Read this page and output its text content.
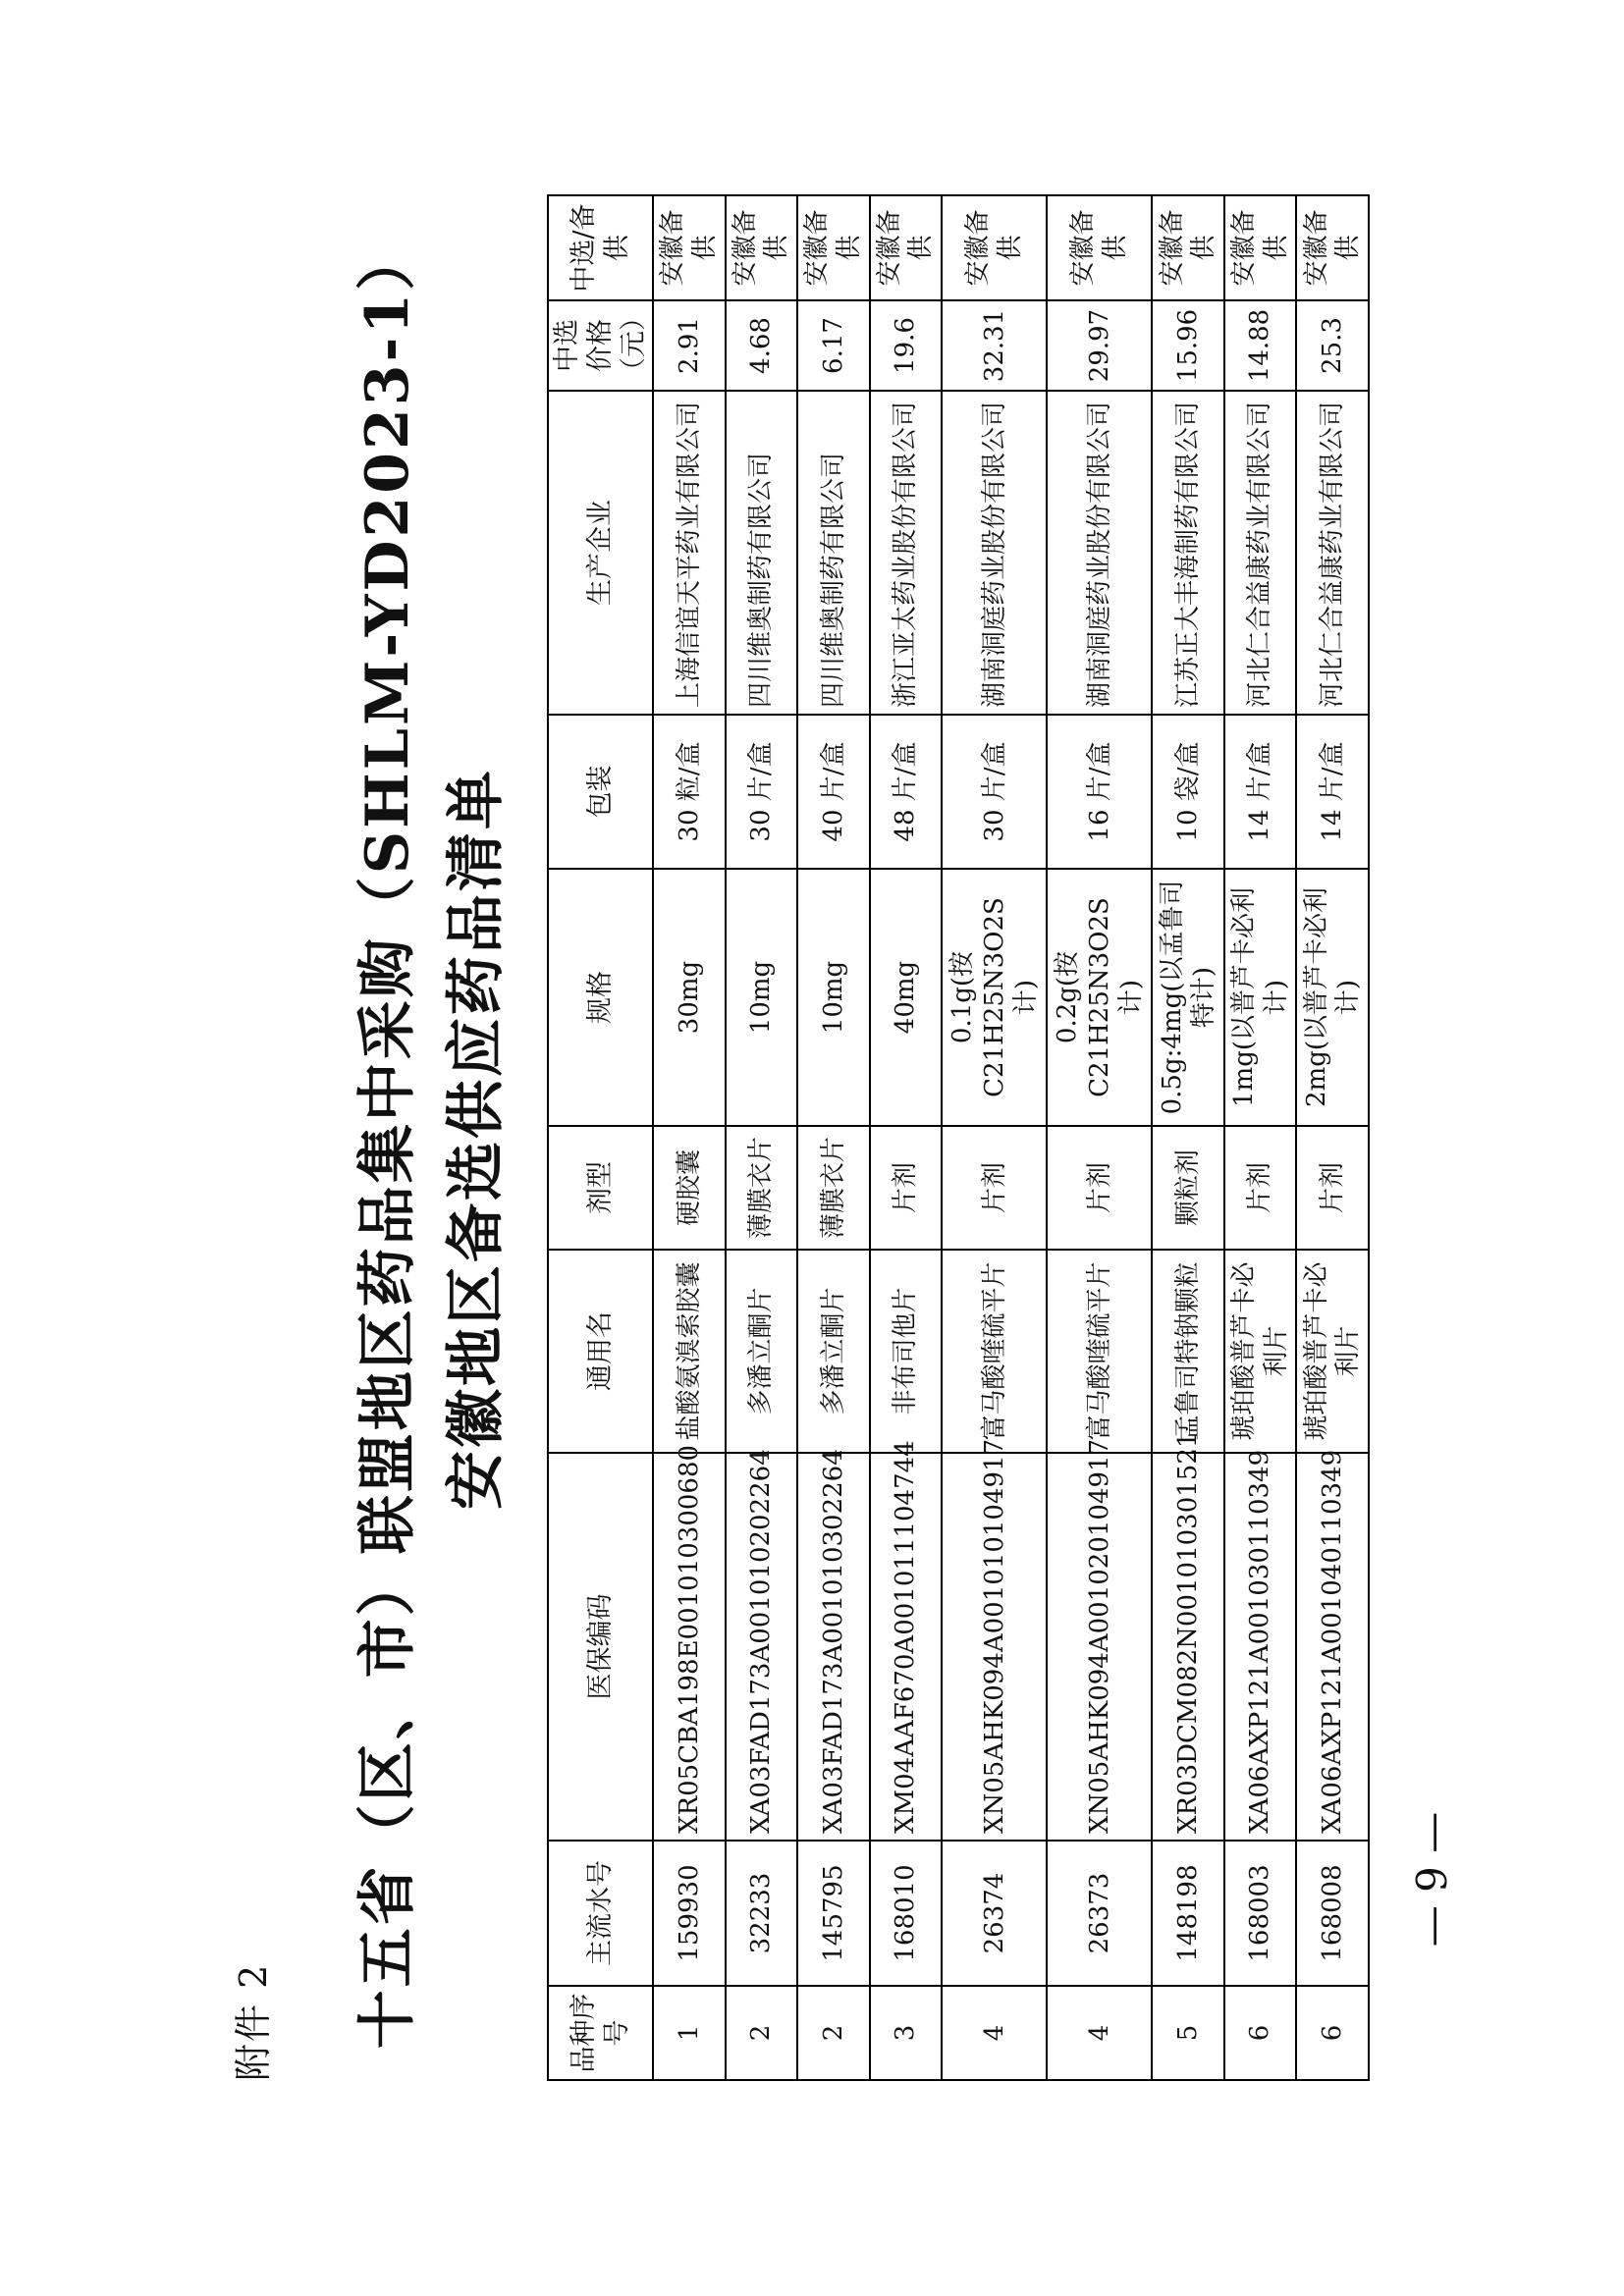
附件 2 十五省（区、市）联盟地区药品集中采购（SHLM-YD2023-1） 安徽地区备选供应药品清单
品种序号	主流水号	医保编码	通用名	剂型	规格	包装	生产企业	中选价格（元）	中选/备供
1	159930	XR05CBA198E001010300680	盐酸氨溴索胶囊	硬胶囊	30mg	30 粒/盒	上海信谊天平药业有限公司	2.91	安徽备供
2	32233	XA03FAD173A001010202264	多潘立酮片	薄膜衣片	10mg	30 片/盒	四川维奥制药有限公司	4.68	安徽备供
2	145795	XA03FAD173A001010302264	多潘立酮片	薄膜衣片	10mg	40 片/盒	四川维奥制药有限公司	6.17	安徽备供
3	168010	XM04AAF670A001011104744	非布司他片	片剂	40mg	48 片/盒	浙江亚太药业股份有限公司	19.6	安徽备供
4	26374	XN05AHK094A001010104917	富马酸喹硫平片	片剂	0.1g(按 C21H25N3O2S 计)	30 片/盒	湖南洞庭药业股份有限公司	32.31	安徽备供
4	26373	XN05AHK094A001020104917	富马酸喹硫平片	片剂	0.2g(按 C21H25N3O2S 计)	16 片/盒	湖南洞庭药业股份有限公司	29.97	安徽备供
5	148198	XR03DCM082N001010301521	孟鲁司特钠颗粒	颗粒剂	0.5g:4mg(以孟鲁司特计)	10 袋/盒	江苏正大丰海制药有限公司	15.96	安徽备供
6	168003	XA06AXP121A001030110349	琥珀酸普芦卡必利片	片剂	1mg(以普芦卡必利计)	14 片/盒	河北仁合益康药业有限公司	14.88	安徽备供
6	168008	XA06AXP121A001040110349	琥珀酸普芦卡必利片	片剂	2mg(以普芦卡必利计)	14 片/盒	河北仁合益康药业有限公司	25.3	安徽备供
— 9 —
